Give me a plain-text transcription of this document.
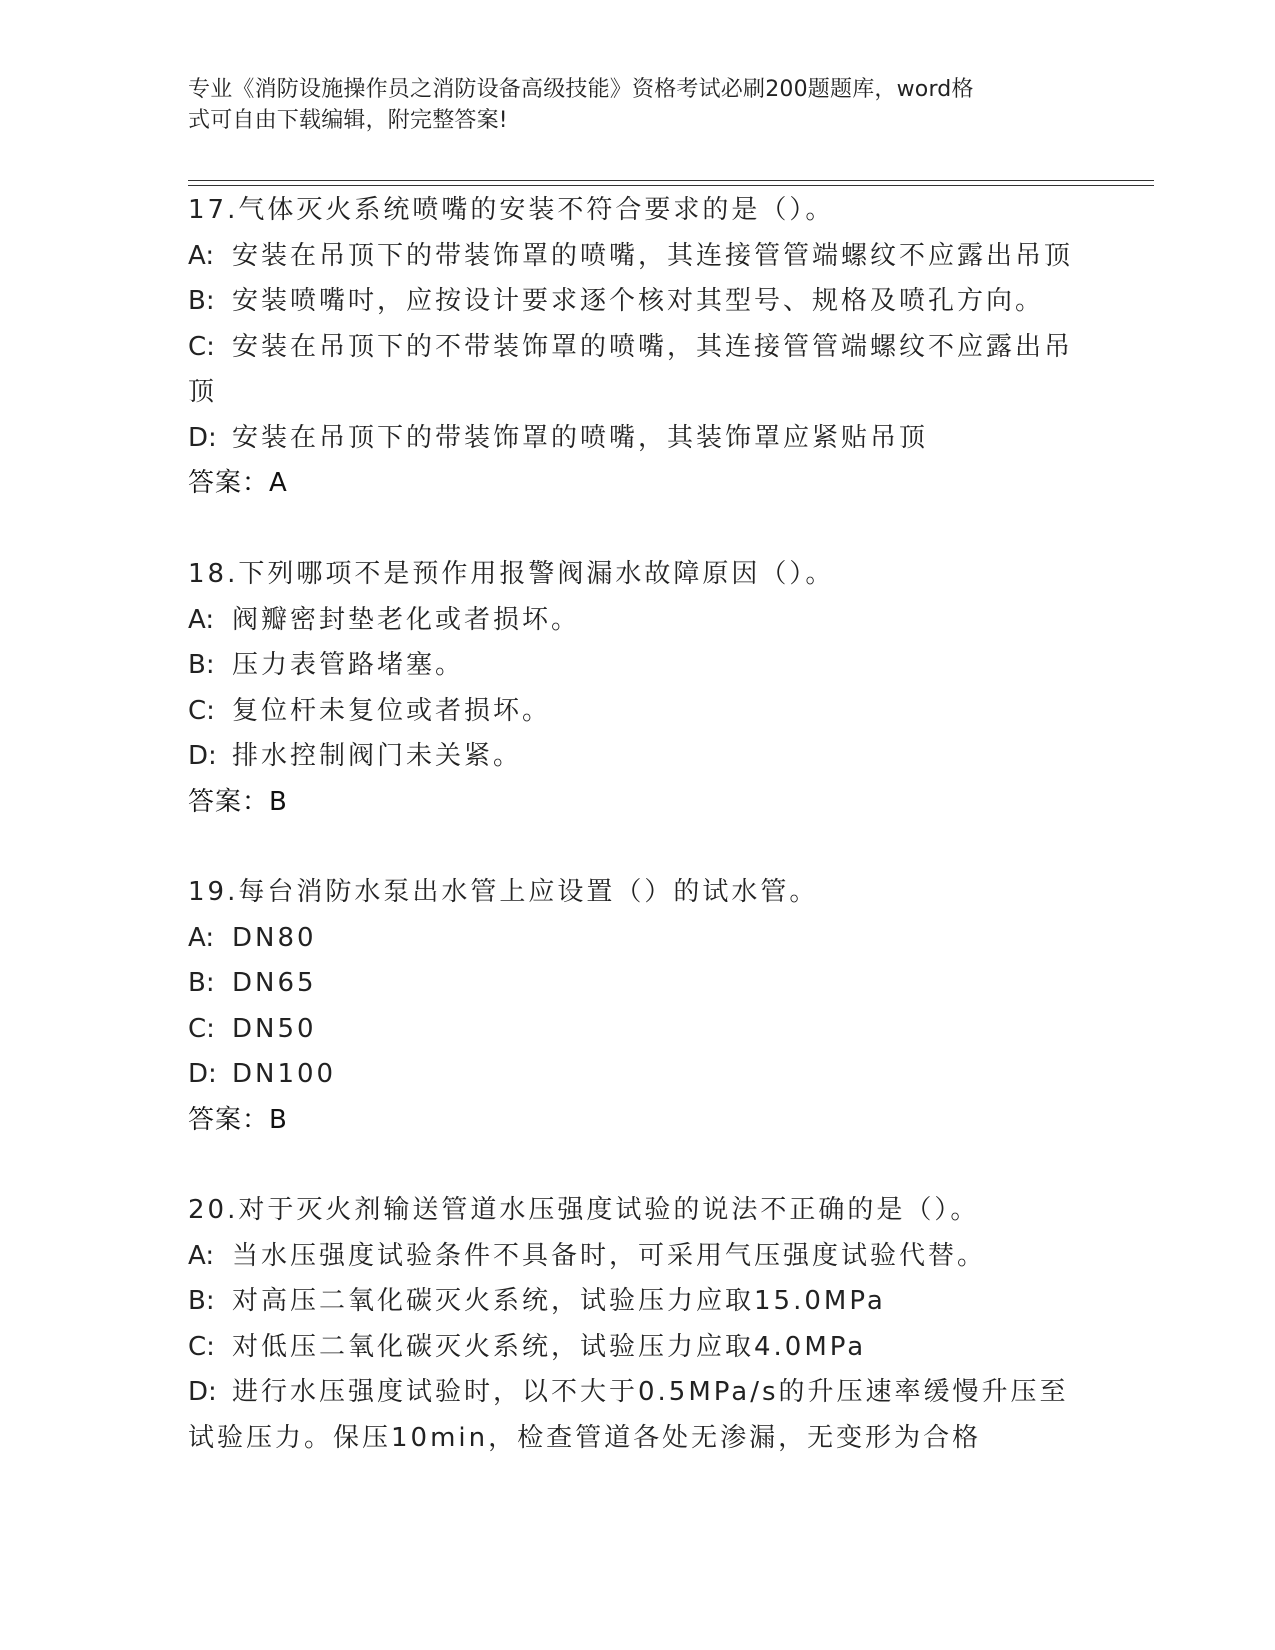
专业《消防设施操作员之消防设备高级技能》资格考试必刷200题题库，word格
式可自由下载编辑，附完整答案!
17.气体灭火系统喷嘴的安装不符合要求的是（）。
A: 安装在吊顶下的带装饰罩的喷嘴，其连接管管端螺纹不应露出吊顶
B: 安装喷嘴吋，应按设计要求逐个核对其型号、规格及喷孔方向。
C: 安装在吊顶下的不带装饰罩的喷嘴，其连接管管端螺纹不应露出吊顶
D: 安装在吊顶下的带装饰罩的喷嘴，其装饰罩应紧贴吊顶
答案：A
18.下列哪项不是预作用报警阀漏水故障原因（）。
A: 阀瓣密封垫老化或者损坏。
B: 压力表管路堵塞。
C: 复位杆未复位或者损坏。
D: 排水控制阀门未关紧。
答案：B
19.每台消防水泵出水管上应设置（）的试水管。
A: DN80
B: DN65
C: DN50
D: DN100
答案：B
20.对于灭火剂输送管道水压强度试验的说法不正确的是（）。
A: 当水压强度试验条件不具备时，可采用气压强度试验代替。
B: 对高压二氧化碳灭火系统，试验压力应取15.0MPa
C: 对低压二氧化碳灭火系统，试验压力应取4.0MPa
D: 进行水压强度试验时，以不大于0.5MPa/s的升压速率缓慢升压至试验压力。保压10min，检查管道各处无渗漏，无变形为合格
